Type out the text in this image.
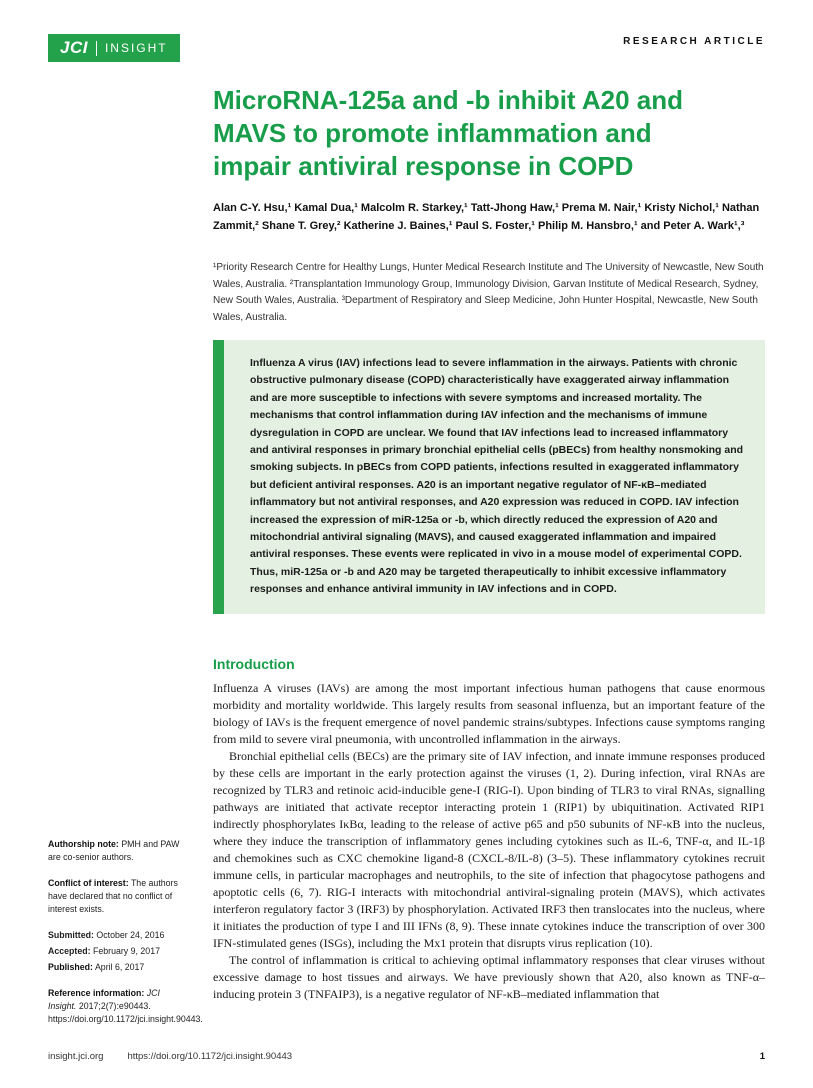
JCI INSIGHT	RESEARCH ARTICLE
MicroRNA-125a and -b inhibit A20 and MAVS to promote inflammation and impair antiviral response in COPD

Alan C-Y. Hsu,¹ Kamal Dua,¹ Malcolm R. Starkey,¹ Tatt-Jhong Haw,¹ Prema M. Nair,¹ Kristy Nichol,¹ Nathan Zammit,² Shane T. Grey,² Katherine J. Baines,¹ Paul S. Foster,¹ Philip M. Hansbro,¹ and Peter A. Wark¹,³

¹Priority Research Centre for Healthy Lungs, Hunter Medical Research Institute and The University of Newcastle, New South Wales, Australia. ²Transplantation Immunology Group, Immunology Division, Garvan Institute of Medical Research, Sydney, New South Wales, Australia. ³Department of Respiratory and Sleep Medicine, John Hunter Hospital, Newcastle, New South Wales, Australia.

Influenza A virus (IAV) infections lead to severe inflammation in the airways. Patients with chronic obstructive pulmonary disease (COPD) characteristically have exaggerated airway inflammation and are more susceptible to infections with severe symptoms and increased mortality. The mechanisms that control inflammation during IAV infection and the mechanisms of immune dysregulation in COPD are unclear. We found that IAV infections lead to increased inflammatory and antiviral responses in primary bronchial epithelial cells (pBECs) from healthy nonsmoking and smoking subjects. In pBECs from COPD patients, infections resulted in exaggerated inflammatory but deficient antiviral responses. A20 is an important negative regulator of NF-κB–mediated inflammatory but not antiviral responses, and A20 expression was reduced in COPD. IAV infection increased the expression of miR-125a or -b, which directly reduced the expression of A20 and mitochondrial antiviral signaling (MAVS), and caused exaggerated inflammation and impaired antiviral responses. These events were replicated in vivo in a mouse model of experimental COPD. Thus, miR-125a or -b and A20 may be targeted therapeutically to inhibit excessive inflammatory responses and enhance antiviral immunity in IAV infections and in COPD.

Authorship note: PMH and PAW are co-senior authors.

Conflict of interest: The authors have declared that no conflict of interest exists.

Submitted: October 24, 2016

Accepted: February 9, 2017

Published: April 6, 2017

Reference information: JCI Insight. 2017;2(7):e90443. https://doi.org/10.1172/jci.insight.90443.

Introduction

Influenza A viruses (IAVs) are among the most important infectious human pathogens that cause enormous morbidity and mortality worldwide. This largely results from seasonal influenza, but an important feature of the biology of IAVs is the frequent emergence of novel pandemic strains/subtypes. Infections cause symptoms ranging from mild to severe viral pneumonia, with uncontrolled inflammation in the airways.

Bronchial epithelial cells (BECs) are the primary site of IAV infection, and innate immune responses produced by these cells are important in the early protection against the viruses (1, 2). During infection, viral RNAs are recognized by TLR3 and retinoic acid-inducible gene-I (RIG-I). Upon binding of TLR3 to viral RNAs, signalling pathways are initiated that activate receptor interacting protein 1 (RIP1) by ubiquitination. Activated RIP1 indirectly phosphorylates IκBα, leading to the release of active p65 and p50 subunits of NF-κB into the nucleus, where they induce the transcription of inflammatory genes including cytokines such as IL-6, TNF-α, and IL-1β and chemokines such as CXC chemokine ligand-8 (CXCL-8/IL-8) (3–5). These inflammatory cytokines recruit immune cells, in particular macrophages and neutrophils, to the site of infection that phagocytose pathogens and apoptotic cells (6, 7). RIG-I interacts with mitochondrial antiviral-signaling protein (MAVS), which activates interferon regulatory factor 3 (IRF3) by phosphorylation. Activated IRF3 then translocates into the nucleus, where it initiates the production of type I and III IFNs (8, 9). These innate cytokines induce the transcription of over 300 IFN-stimulated genes (ISGs), including the Mx1 protein that disrupts virus replication (10).

The control of inflammation is critical to achieving optimal inflammatory responses that clear viruses without excessive damage to host tissues and airways. We have previously shown that A20, also known as TNF-α–inducing protein 3 (TNFAIP3), is a negative regulator of NF-κB–mediated inflammation that

insight.jci.org	https://doi.org/10.1172/jci.insight.90443	1
